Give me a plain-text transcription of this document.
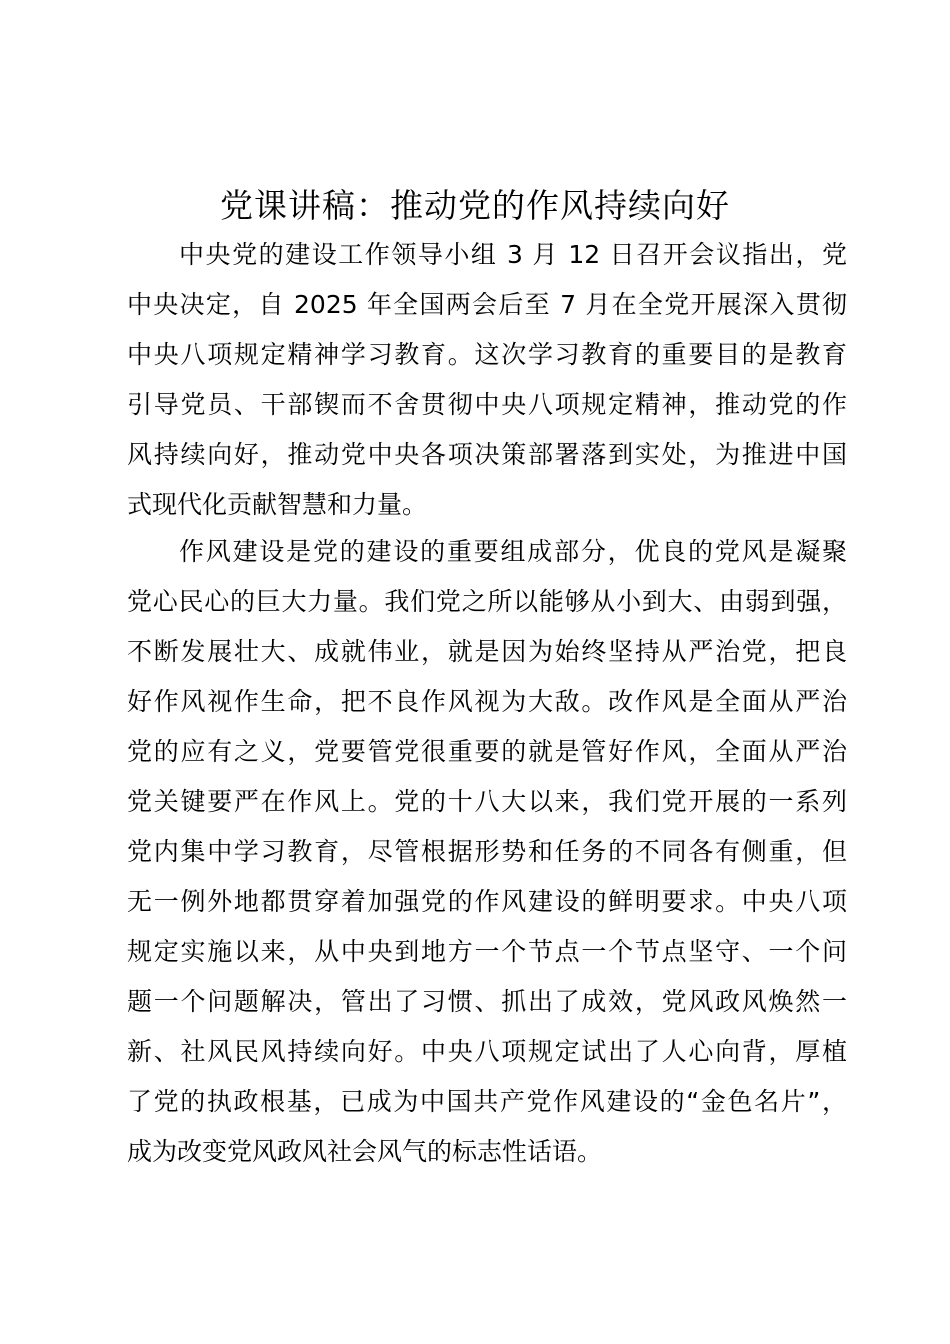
党课讲稿：推动党的作风持续向好
中央党的建设工作领导小组 3 月 12 日召开会议指出，党
中央决定，自 2025 年全国两会后至 7 月在全党开展深入贯彻
中央八项规定精神学习教育。这次学习教育的重要目的是教育
引导党员、干部锲而不舍贯彻中央八项规定精神，推动党的作
风持续向好，推动党中央各项决策部署落到实处，为推进中国
式现代化贡献智慧和力量。
作风建设是党的建设的重要组成部分，优良的党风是凝聚
党心民心的巨大力量。我们党之所以能够从小到大、由弱到强，
不断发展壮大、成就伟业，就是因为始终坚持从严治党，把良
好作风视作生命，把不良作风视为大敌。改作风是全面从严治
党的应有之义，党要管党很重要的就是管好作风，全面从严治
党关键要严在作风上。党的十八大以来，我们党开展的一系列
党内集中学习教育，尽管根据形势和任务的不同各有侧重，但
无一例外地都贯穿着加强党的作风建设的鲜明要求。中央八项
规定实施以来，从中央到地方一个节点一个节点坚守、一个问
题一个问题解决，管出了习惯、抓出了成效，党风政风焕然一
新、社风民风持续向好。中央八项规定试出了人心向背，厚植
了党的执政根基，已成为中国共产党作风建设的“金色名片”，
成为改变党风政风社会风气的标志性话语。
